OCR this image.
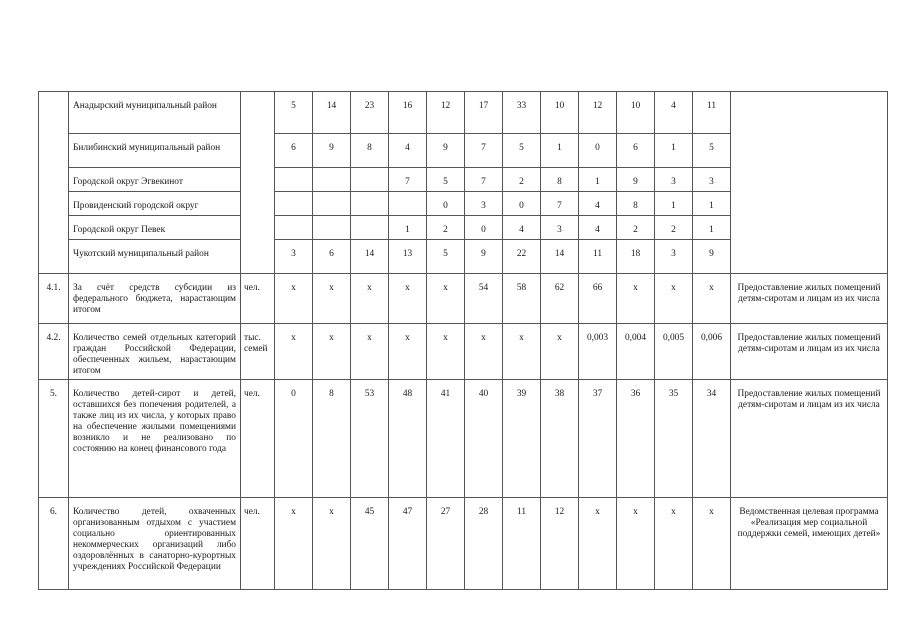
	Анадырский муниципальный район		5	14	23	16	12	17	33	10	12	10	4	11	
	Билибинский муниципальный район		6	9	8	4	9	7	5	1	0	6	1	5	
	Городской округ Эгвекинот					7	5	7	2	8	1	9	3	3	
	Провиденский городской округ						0	3	0	7	4	8	1	1	
	Городской округ Певек					1	2	0	4	3	4	2	2	1	
	Чукотский муниципальный район		3	6	14	13	5	9	22	14	11	18	3	9	
4.1.	За счёт средств субсидии из федерального бюджета, нарастающим итогом	чел.	x	x	x	x	x	54	58	62	66	x	x	x	Предоставление жилых помещений детям-сиротам и лицам из их числа
4.2.	Количество семей отдельных категорий граждан Российской Федерации, обеспеченных жильем, нарастающим итогом	тыс. семей	x	x	x	x	x	x	x	x	0,003	0,004	0,005	0,006	Предоставление жилых помещений детям-сиротам и лицам из их числа
5.	Количество детей-сирот и детей, оставшихся без попечения родителей, а также лиц из их числа, у которых право на обеспечение жилыми помещениями возникло и не реализовано по состоянию на конец финансового года	чел.	0	8	53	48	41	40	39	38	37	36	35	34	Предоставление жилых помещений детям-сиротам и лицам из их числа
6.	Количество детей, охваченных организованным отдыхом с участием социально ориентированных некоммерческих организаций либо оздоровлённых в санаторно-курортных учреждениях Российской Федерации	чел.	x	x	45	47	27	28	11	12	x	x	x	x	Ведомственная целевая программа «Реализация мер социальной поддержки семей, имеющих детей»
